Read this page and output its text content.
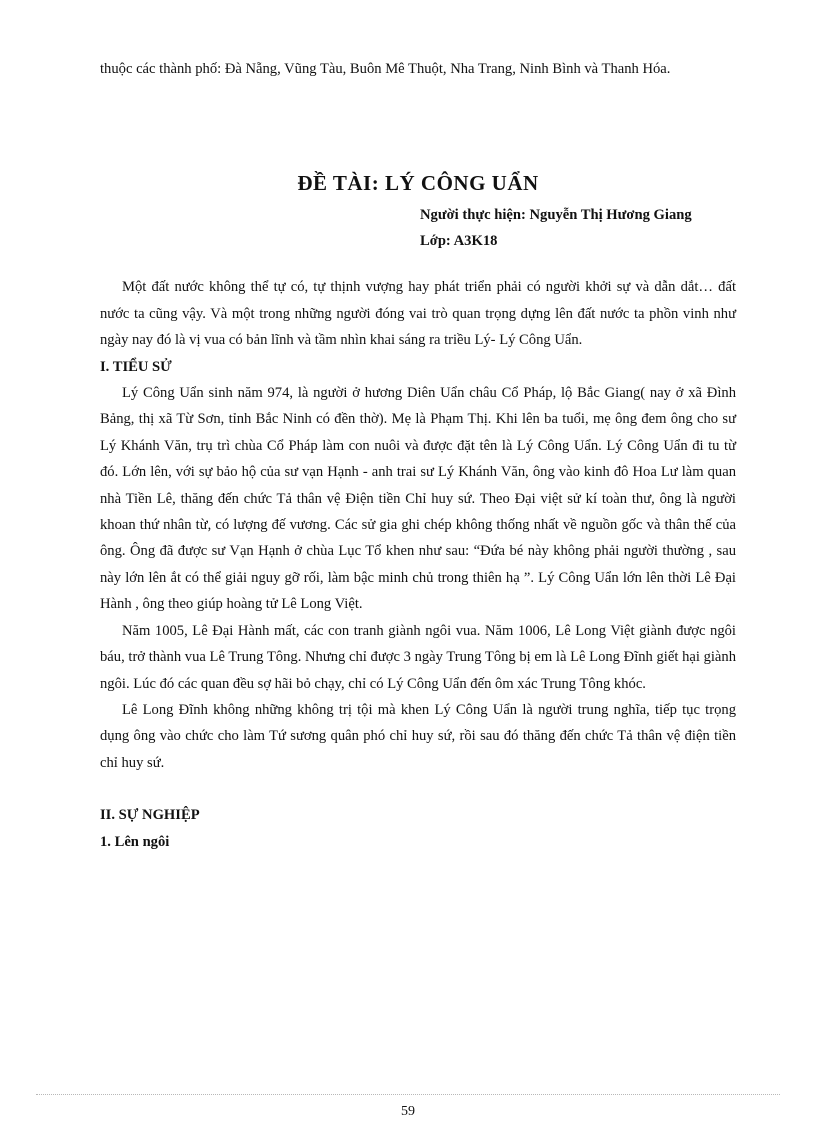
thuộc các thành phố: Đà Nẵng, Vũng Tàu, Buôn Mê Thuột, Nha Trang, Ninh Bình và Thanh Hóa.

ĐỀ TÀI: LÝ CÔNG UẨN
Người thực hiện: Nguyễn Thị Hương Giang
Lớp: A3K18

Một đất nước không thể tự có, tự thịnh vượng hay phát triển phải có người khởi sự và dẫn dắt… đất nước ta cũng vậy. Và một trong những người đóng vai trò quan trọng dựng lên đất nước ta phồn vinh như ngày nay đó là vị vua có bản lĩnh và tầm nhìn khai sáng ra triều Lý- Lý Công Uẩn.

I. TIỂU SỬ

Lý Công Uẩn sinh năm 974, là người ở hương Diên Uẩn châu Cổ Pháp, lộ Bắc Giang( nay ở xã Đình Bảng, thị xã Từ Sơn, tỉnh Bắc Ninh có đền thờ). Mẹ là Phạm Thị. Khi lên ba tuổi, mẹ ông đem ông cho sư Lý Khánh Văn, trụ trì chùa Cổ Pháp làm con nuôi và được đặt tên là Lý Công Uẩn. Lý Công Uẩn đi tu từ đó. Lớn lên, với sự bảo hộ của sư vạn Hạnh - anh trai sư Lý Khánh Văn, ông vào kinh đô Hoa Lư làm quan nhà Tiền Lê, thăng đến chức Tả thân vệ Điện tiền Chỉ huy sứ. Theo Đại việt sử kí toàn thư, ông là người khoan thứ nhân từ, có lượng đế vương. Các sử gia ghi chép không thống nhất về nguồn gốc và thân thế của ông. Ông đã được sư Vạn Hạnh ở chùa Lục Tổ khen như sau: “Đứa bé này không phải người thường , sau này lớn lên ắt có thể giải nguy gỡ rối, làm bậc minh chủ trong thiên hạ ”. Lý Công Uẩn lớn lên thời Lê Đại Hành , ông theo giúp hoàng tử Lê Long Việt.

Năm 1005, Lê Đại Hành mất, các con tranh giành ngôi vua. Năm 1006, Lê Long Việt giành được ngôi báu, trở thành vua Lê Trung Tông. Nhưng chỉ được 3 ngày Trung Tông bị em là Lê Long Đĩnh giết hại giành ngôi. Lúc đó các quan đều sợ hãi bỏ chạy, chỉ có Lý Công Uẩn đến ôm xác Trung Tông khóc.

Lê Long Đĩnh không những không trị tội mà khen Lý Công Uẩn là người trung nghĩa, tiếp tục trọng dụng ông vào chức cho làm Tứ sương quân phó chỉ huy sứ, rồi sau đó thăng đến chức Tả thân vệ điện tiền chỉ huy sứ.

II. SỰ NGHIỆP
1. Lên ngôi
59
